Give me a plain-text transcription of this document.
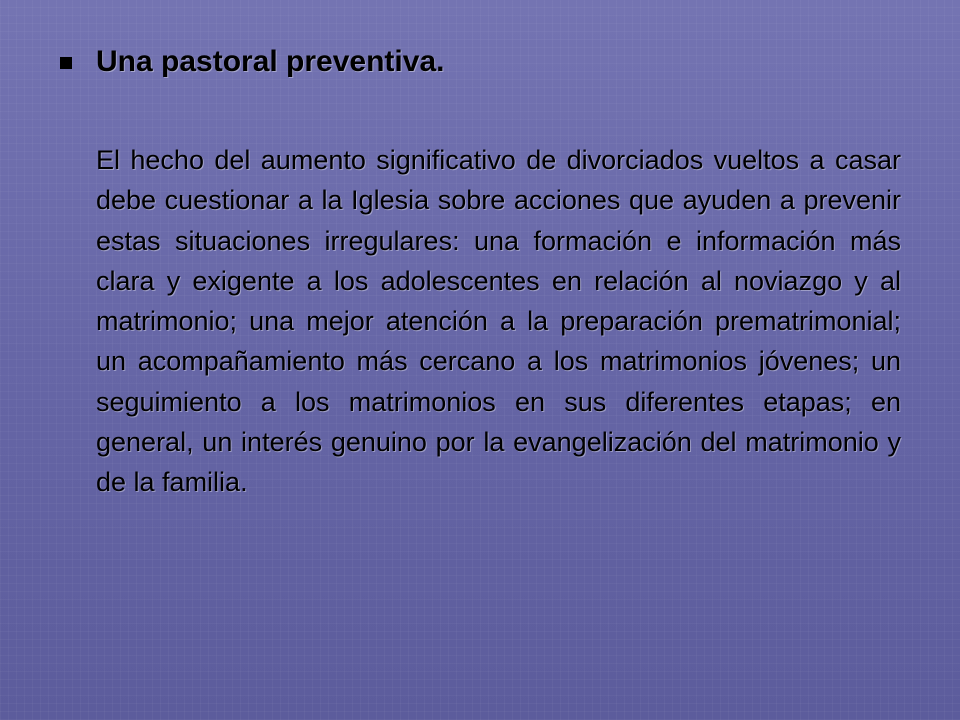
Una pastoral preventiva.

El hecho del aumento significativo de divorciados vueltos a casar debe cuestionar a la Iglesia sobre acciones que ayuden a prevenir estas situaciones irregulares: una formación e información más clara y exigente a los adolescentes en relación al noviazgo y al matrimonio; una mejor atención a la preparación prematrimonial; un acompañamiento más cercano a los matrimonios jóvenes; un seguimiento a los matrimonios en sus diferentes etapas; en general, un interés genuino por la evangelización del matrimonio y de la familia.
